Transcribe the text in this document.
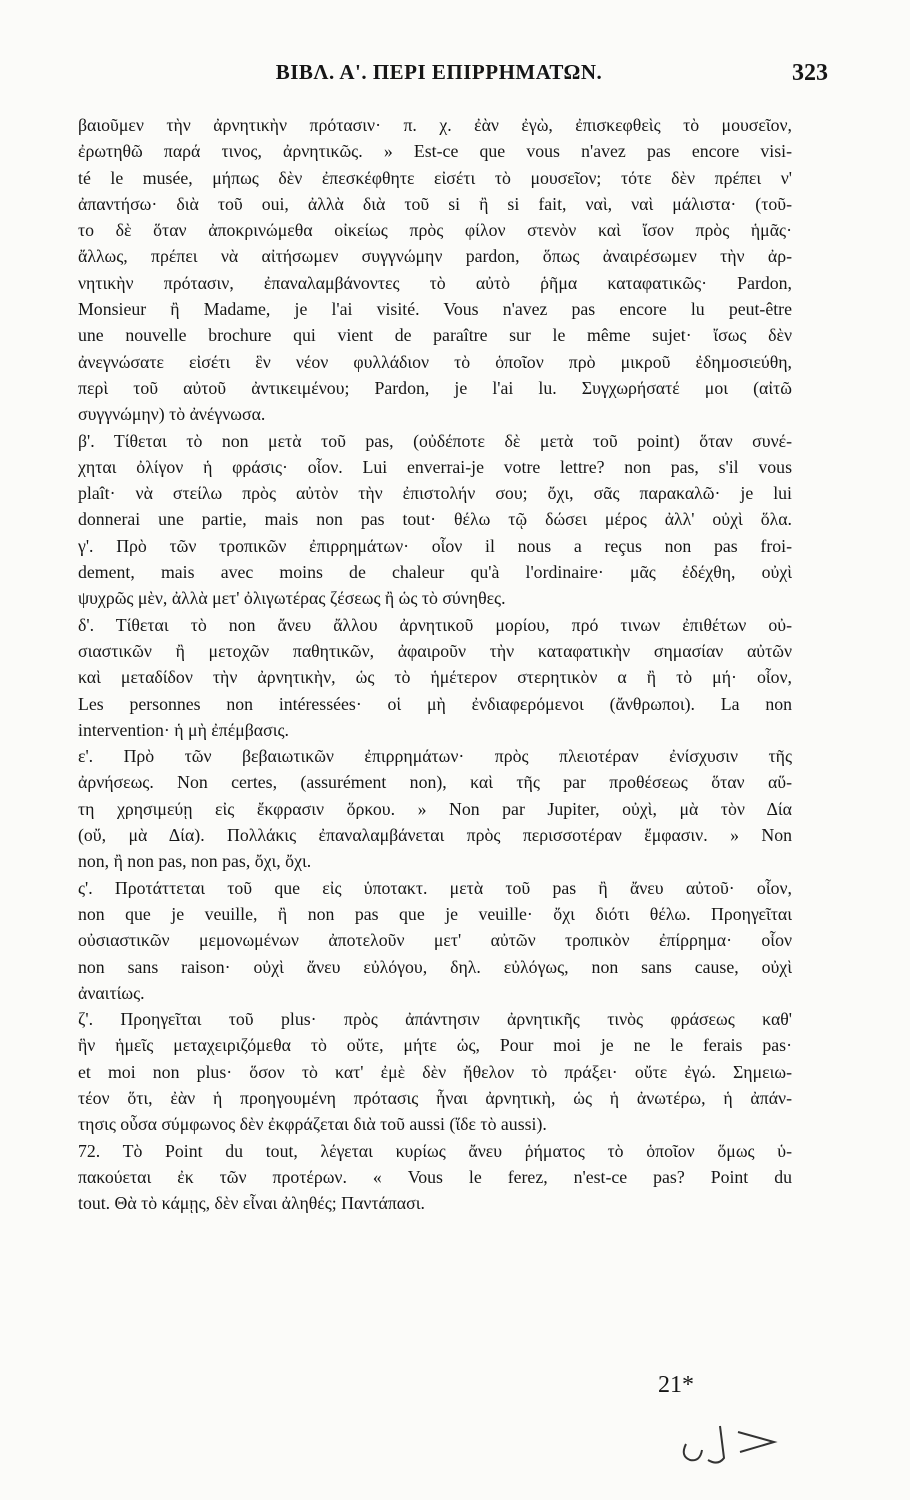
ΒΙΒΛ. Α'. ΠΕΡΙ ΕΠΙΡΡΗΜΑΤΩΝ.	323
βαιοῦμεν τὴν ἀρνητικὴν πρότασιν· π. χ. ἐὰν ἐγὼ, ἐπισκεφθεὶς τὸ μουσεῖον,
ἐρωτηθῶ παρά τινος, ἀρνητικῶς. » Est-ce que vous n'avez pas encore visi-
té le musée, μήπως δὲν ἐπεσκέφθητε εἰσέτι τὸ μουσεῖον; τότε δὲν πρέπει ν'
ἀπαντήσω· διὰ τοῦ oui, ἀλλὰ διὰ τοῦ si ἢ si fait, ναὶ, ναὶ μάλιστα· (τοῦ-
το δὲ ὅταν ἀποκρινώμεθα οἰκείως πρὸς φίλον στενὸν καὶ ἴσον πρὸς ἡμᾶς·
ἄλλως, πρέπει νὰ αἰτήσωμεν συγγνώμην pardon, ὅπως ἀναιρέσωμεν τὴν ἀρ-
νητικὴν πρότασιν, ἐπαναλαμβάνοντες τὸ αὐτὸ ῥῆμα καταφατικῶς· Pardon,
Monsieur ἢ Madame, je l'ai visité. Vous n'avez pas encore lu peut-être
une nouvelle brochure qui vient de paraître sur le même sujet· ἴσως δὲν
ἀνεγνώσατε εἰσέτι ἓν νέον φυλλάδιον τὸ ὁποῖον πρὸ μικροῦ ἐδημοσιεύθη,
περὶ τοῦ αὐτοῦ ἀντικειμένου; Pardon, je l'ai lu. Συγχωρήσατέ μοι (αἰτῶ
συγγνώμην) τὸ ἀνέγνωσα.
β'. Τίθεται τὸ non μετὰ τοῦ pas, (οὐδέποτε δὲ μετὰ τοῦ point) ὅταν συνέ-
χηται ὀλίγον ἡ φράσις· οἷον. Lui enverrai-je votre lettre? non pas, s'il vous
plaît· νὰ στείλω πρὸς αὐτὸν τὴν ἐπιστολήν σου; ὄχι, σᾶς παρακαλῶ· je lui
donnerai une partie, mais non pas tout· θέλω τῷ δώσει μέρος ἀλλ' οὐχὶ ὅλα.
γ'. Πρὸ τῶν τροπικῶν ἐπιρρημάτων· οἷον il nous a reçus non pas froi-
dement, mais avec moins de chaleur qu'à l'ordinaire· μᾶς ἐδέχθη, οὐχὶ
ψυχρῶς μὲν, ἀλλὰ μετ' ὀλιγωτέρας ζέσεως ἢ ὡς τὸ σύνηθες.
δ'. Τίθεται τὸ non ἄνευ ἄλλου ἀρνητικοῦ μορίου, πρό τινων ἐπιθέτων οὐ-
σιαστικῶν ἢ μετοχῶν παθητικῶν, ἀφαιροῦν τὴν καταφατικὴν σημασίαν αὐτῶν
καὶ μεταδίδον τὴν ἀρνητικὴν, ὡς τὸ ἡμέτερον στερητικὸν α ἢ τὸ μή· οἷον,
Les personnes non intéressées· οἱ μὴ ἐνδιαφερόμενοι (ἄνθρωποι). La non
intervention· ἡ μὴ ἐπέμβασις.
ε'. Πρὸ τῶν βεβαιωτικῶν ἐπιρρημάτων· πρὸς πλειοτέραν ἐνίσχυσιν τῆς
ἀρνήσεως. Non certes, (assurément non), καὶ τῆς par προθέσεως ὅταν αὕ-
τη χρησιμεύῃ εἰς ἔκφρασιν ὅρκου. » Non par Jupiter, οὐχὶ, μὰ τὸν Δία
(οὔ, μὰ Δία). Πολλάκις ἐπαναλαμβάνεται πρὸς περισσοτέραν ἔμφασιν. » Non
non, ἢ non pas, non pas, ὄχι, ὄχι.
ς'. Προτάττεται τοῦ que εἰς ὑποτακτ. μετὰ τοῦ pas ἢ ἄνευ αὐτοῦ· οἷον,
non que je veuille, ἢ non pas que je veuille· ὄχι διότι θέλω. Προηγεῖται
οὐσιαστικῶν μεμονωμένων ἀποτελοῦν μετ' αὐτῶν τροπικὸν ἐπίρρημα· οἷον
non sans raison· οὐχὶ ἄνευ εὐλόγου, δηλ. εὐλόγως, non sans cause, οὐχὶ
ἀναιτίως.
ζ'. Προηγεῖται τοῦ plus· πρὸς ἀπάντησιν ἀρνητικῆς τινὸς φράσεως καθ'
ἣν ἡμεῖς μεταχειριζόμεθα τὸ οὔτε, μήτε ὡς, Pour moi je ne le ferais pas·
et moi non plus· ὅσον τὸ κατ' ἐμὲ δὲν ἤθελον τὸ πράξει· οὔτε ἐγώ. Σημειω-
τέον ὅτι, ἐὰν ἡ προηγουμένη πρότασις ἦναι ἀρνητικὴ, ὡς ἡ ἀνωτέρω, ἡ ἀπάν-
τησις οὖσα σύμφωνος δὲν ἐκφράζεται διὰ τοῦ aussi (ἴδε τὸ aussi).
72. Τὸ Point du tout, λέγεται κυρίως ἄνευ ῥήματος τὸ ὁποῖον ὅμως ὑ-
πακούεται ἐκ τῶν προτέρων. « Vous le ferez, n'est-ce pas? Point du
tout. Θὰ τὸ κάμῃς, δὲν εἶναι ἀληθές; Παντάπασι.
21*
